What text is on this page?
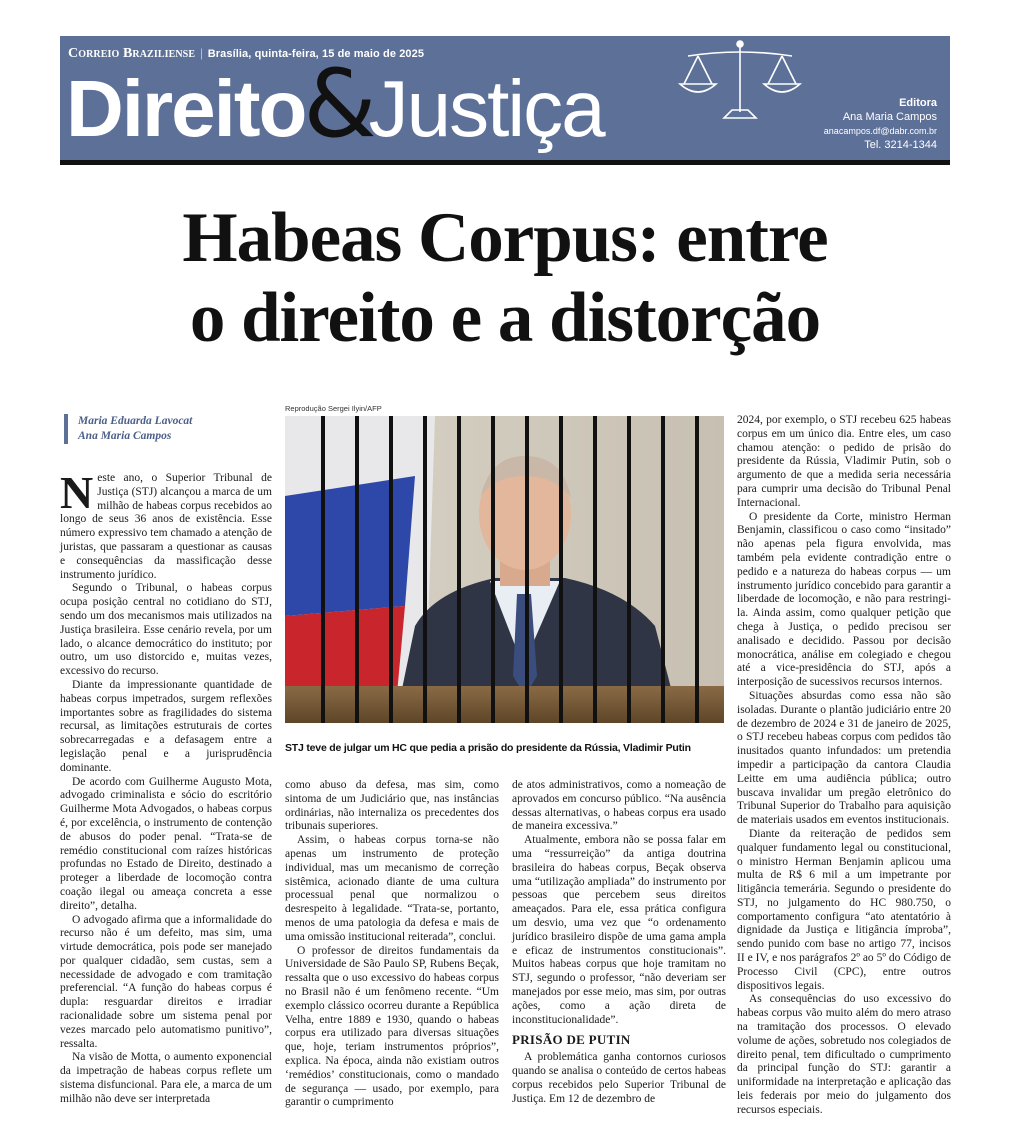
Correio Braziliense | Brasília, quinta-feira, 15 de maio de 2025
Direito&Justiça	Editora
Ana Maria Campos
anacampos.df@dabr.com.br
Tel. 3214-1344
Habeas Corpus: entre
o direito e a distorção
Maria Eduarda Lavocat
Ana Maria Campos

Neste ano, o Superior Tribunal de Justiça (STJ) alcançou a marca de um milhão de habeas corpus recebidos ao longo de seus 36 anos de existência. Esse número expressivo tem chamado a atenção de juristas, que passaram a questionar as causas e consequências da massificação desse instrumento jurídico.

Segundo o Tribunal, o habeas corpus ocupa posição central no cotidiano do STJ, sendo um dos mecanismos mais utilizados na Justiça brasileira. Esse cenário revela, por um lado, o alcance democrático do instituto; por outro, um uso distorcido e, muitas vezes, excessivo do recurso.

Diante da impressionante quantidade de habeas corpus impetrados, surgem reflexões importantes sobre as fragilidades do sistema recursal, as limitações estruturais de cortes sobrecarregadas e a defasagem entre a legislação penal e a jurisprudência dominante.

De acordo com Guilherme Augusto Mota, advogado criminalista e sócio do escritório Guilherme Mota Advogados, o habeas corpus é, por excelência, o instrumento de contenção de abusos do poder penal. “Trata-se de remédio constitucional com raízes históricas profundas no Estado de Direito, destinado a proteger a liberdade de locomoção contra coação ilegal ou ameaça concreta a esse direito”, detalha.

O advogado afirma que a informalidade do recurso não é um defeito, mas sim, uma virtude democrática, pois pode ser manejado por qualquer cidadão, sem custas, sem a necessidade de advogado e com tramitação preferencial. “A função do habeas corpus é dupla: resguardar direitos e irradiar racionalidade sobre um sistema penal por vezes marcado pelo automatismo punitivo”, ressalta.

Na visão de Motta, o aumento exponencial da impetração de habeas corpus reflete um sistema disfuncional. Para ele, a marca de um milhão não deve ser interpretada

Reprodução Sergei Ilyin/AFP
STJ teve de julgar um HC que pedia a prisão do presidente da Rússia, Vladimir Putin

como abuso da defesa, mas sim, como sintoma de um Judiciário que, nas instâncias ordinárias, não internaliza os precedentes dos tribunais superiores.

Assim, o habeas corpus torna-se não apenas um instrumento de proteção individual, mas um mecanismo de correção sistêmica, acionado diante de uma cultura processual penal que normalizou o desrespeito à legalidade. “Trata-se, portanto, menos de uma patologia da defesa e mais de uma omissão institucional reiterada”, conclui.

O professor de direitos fundamentais da Universidade de São Paulo SP, Rubens Beçak, ressalta que o uso excessivo do habeas corpus no Brasil não é um fenômeno recente. “Um exemplo clássico ocorreu durante a República Velha, entre 1889 e 1930, quando o habeas corpus era utilizado para diversas situações que, hoje, teriam instrumentos próprios”, explica. Na época, ainda não existiam outros ‘remédios’ constitucionais, como o mandado de segurança — usado, por exemplo, para garantir o cumprimento

de atos administrativos, como a nomeação de aprovados em concurso público. “Na ausência dessas alternativas, o habeas corpus era usado de maneira excessiva.”

Atualmente, embora não se possa falar em uma “ressurreição” da antiga doutrina brasileira do habeas corpus, Beçak observa uma “utilização ampliada” do instrumento por pessoas que percebem seus direitos ameaçados. Para ele, essa prática configura um desvio, uma vez que “o ordenamento jurídico brasileiro dispõe de uma gama ampla e eficaz de instrumentos constitucionais”. Muitos habeas corpus que hoje tramitam no STJ, segundo o professor, “não deveriam ser manejados por esse meio, mas sim, por outras ações, como a ação direta de inconstitucionalidade”.

PRISÃO DE PUTIN

A problemática ganha contornos curiosos quando se analisa o conteúdo de certos habeas corpus recebidos pelo Superior Tribunal de Justiça. Em 12 de dezembro de

2024, por exemplo, o STJ recebeu 625 habeas corpus em um único dia. Entre eles, um caso chamou atenção: o pedido de prisão do presidente da Rússia, Vladimir Putin, sob o argumento de que a medida seria necessária para cumprir uma decisão do Tribunal Penal Internacional.

O presidente da Corte, ministro Herman Benjamin, classificou o caso como “insitado” não apenas pela figura envolvida, mas também pela evidente contradição entre o pedido e a natureza do habeas corpus — um instrumento jurídico concebido para garantir a liberdade de locomoção, e não para restringi-la. Ainda assim, como qualquer petição que chega à Justiça, o pedido precisou ser analisado e decidido. Passou por decisão monocrática, análise em colegiado e chegou até a vice-presidência do STJ, após a interposição de sucessivos recursos internos.

Situações absurdas como essa não são isoladas. Durante o plantão judiciário entre 20 de dezembro de 2024 e 31 de janeiro de 2025, o STJ recebeu habeas corpus com pedidos tão inusitados quanto infundados: um pretendia impedir a participação da cantora Claudia Leitte em uma audiência pública; outro buscava invalidar um pregão eletrônico do Tribunal Superior do Trabalho para aquisição de materiais usados em eventos institucionais.

Diante da reiteração de pedidos sem qualquer fundamento legal ou constitucional, o ministro Herman Benjamin aplicou uma multa de R$ 6 mil a um impetrante por litigância temerária. Segundo o presidente do STJ, no julgamento do HC 980.750, o comportamento configura “ato atentatório à dignidade da Justiça e litigância ímproba”, sendo punido com base no artigo 77, incisos II e IV, e nos parágrafos 2º ao 5º do Código de Processo Civil (CPC), entre outros dispositivos legais.

As consequências do uso excessivo do habeas corpus vão muito além do mero atraso na tramitação dos processos. O elevado volume de ações, sobretudo nos colegiados de direito penal, tem dificultado o cumprimento da principal função do STJ: garantir a uniformidade na interpretação e aplicação das leis federais por meio do julgamento dos recursos especiais.
